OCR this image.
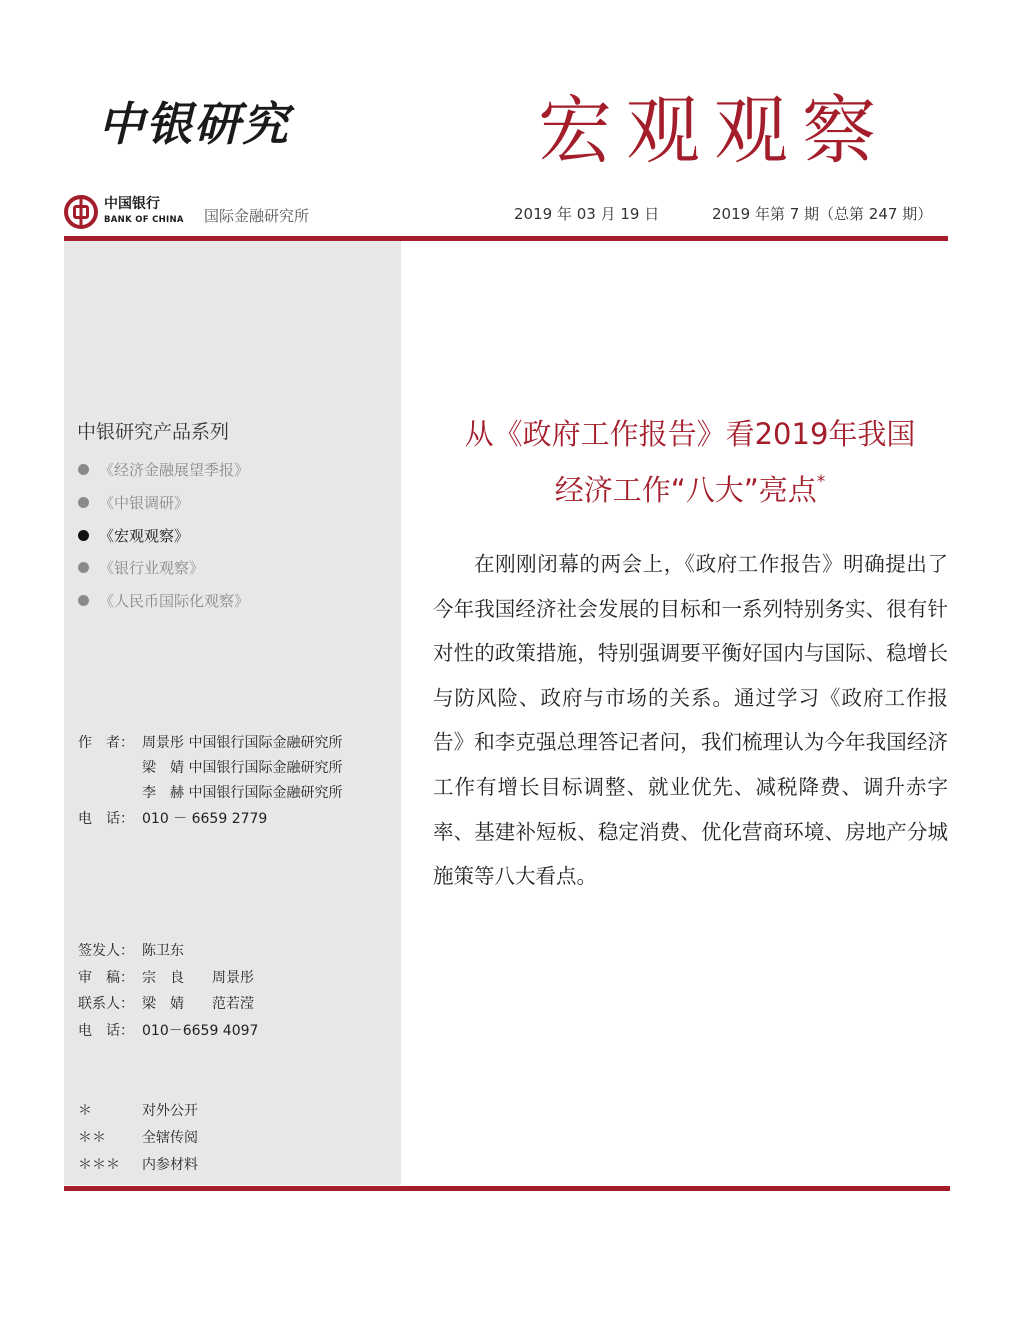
中银研究	宏观观察
中国银行
BANK OF CHINA 国际金融研究所	2019 年 03 月 19 日	2019 年第 7 期（总第 247 期）
中银研究产品系列
《经济金融展望季报》
《中银调研》
《宏观观察》
《银行业观察》
《人民币国际化观察》
作　者： 周景彤 中国银行国际金融研究所
梁　婧 中国银行国际金融研究所
李　赫 中国银行国际金融研究所
电　话： 010 － 6659 2779
签发人： 陈卫东
审　稿： 宗　良　　周景彤
联系人： 梁　婧　　范若滢
电　话： 010－6659 4097
＊	对外公开
＊＊	全辖传阅
＊＊＊ 内参材料
从《政府工作报告》看2019年我国
经济工作“八大”亮点*

在刚刚闭幕的两会上，《政府工作报告》明确提出了今年我国经济社会发展的目标和一系列特别务实、很有针对性的政策措施，特别强调要平衡好国内与国际、稳增长与防风险、政府与市场的关系。通过学习《政府工作报告》和李克强总理答记者问，我们梳理认为今年我国经济工作有增长目标调整、就业优先、减税降费、调升赤字率、基建补短板、稳定消费、优化营商环境、房地产分城施策等八大看点。
